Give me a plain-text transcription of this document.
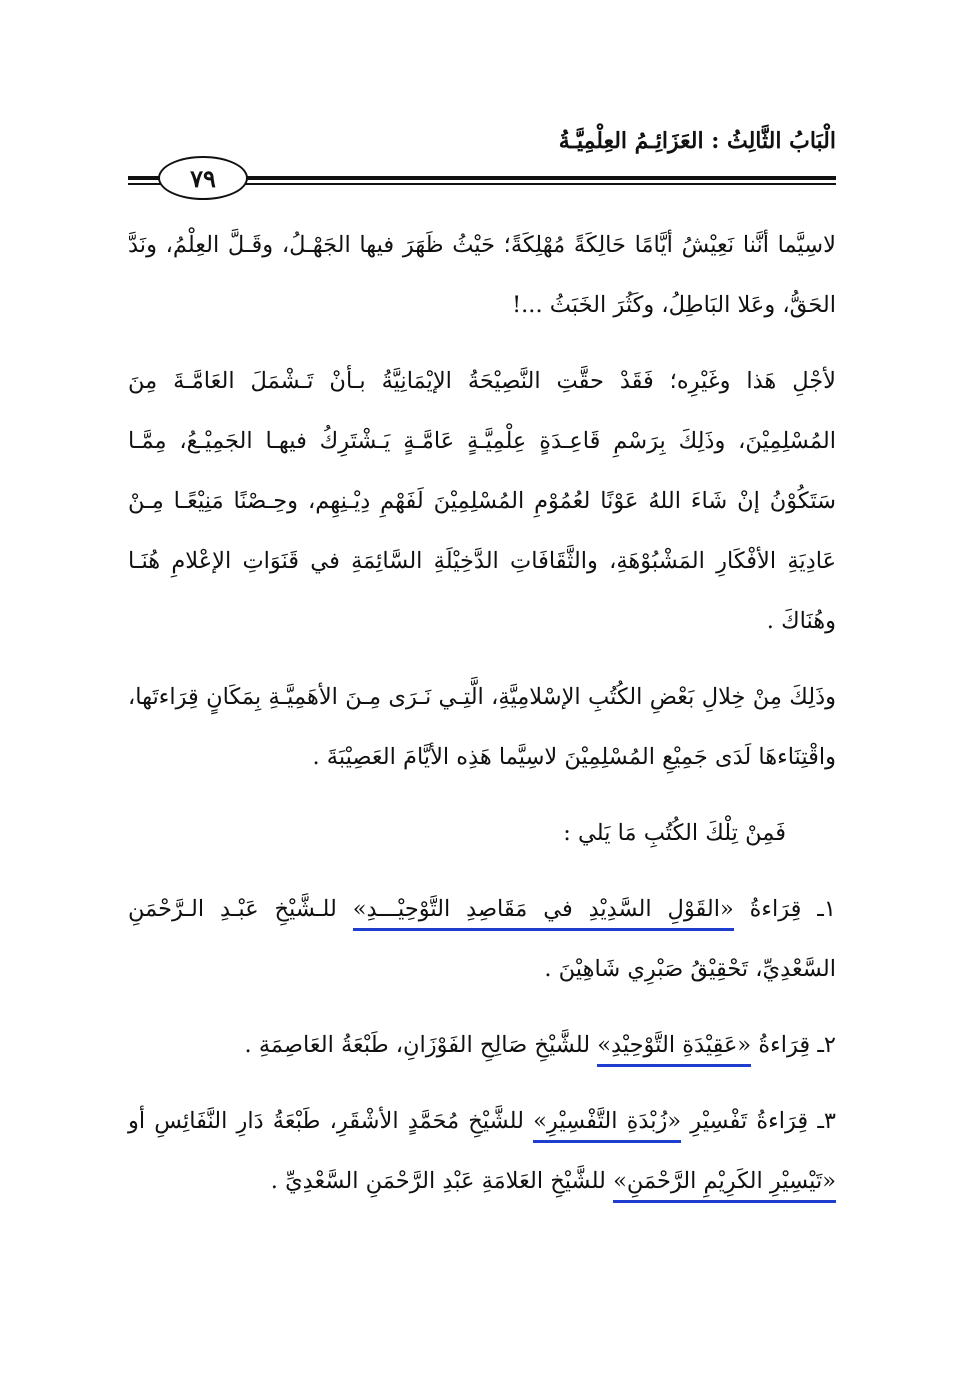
الْبَابُ الثَّالِثُ : العَزَائِـمُ العِلْمِيَّـةُ
٧٩

لاسِيَّما أنَّنا نَعِيْشُ أيَّامًا حَالِكَةً مُهْلِكَةً؛ حَيْثُ ظَهَرَ فيها الجَهْـلُ، وقَـلَّ العِلْمُ، ونَدَّ الحَقُّ، وعَلا البَاطِلُ، وكَثُرَ الخَبَثُ ...!

لأجْلِ هَذا وغَيْرِه؛ فَقَدْ حقَّتِ النَّصِيْحَةُ الإيْمَانِيَّةُ بـأنْ تَـشْمَلَ العَامَّـةَ مِنَ المُسْلِمِيْنَ، وذَلِكَ بِرَسْمِ قَاعِـدَةٍ عِلْمِيَّـةٍ عَامَّـةٍ يَـشْتَرِكُ فيهـا الجَمِيْـعُ، مِمَّـا سَتَكُوْنُ إنْ شَاءَ اللهُ عَوْنًا لعُمُوْمِ المُسْلِمِيْنَ لَفَهْمِ دِيْـنِهِم، وحِـصْنًا مَنِيْعًـا مِـنْ عَادِيَةِ الأفْكَارِ المَشْبُوْهَةِ، والثَّقَافَاتِ الدَّخِيْلَةِ السَّائِمَةِ في قَنَوَاتِ الإعْلامِ هُنَـا وهُنَاكَ .

وذَلِكَ مِنْ خِلالِ بَعْضِ الكُتُبِ الإسْلامِيَّةِ، الَّتِـي نَـرَى مِـنَ الأهَمِيَّـةِ بِمَكَانٍ قِرَاءتَها، واقْتِنَاءهَا لَدَى جَمِيْعِ المُسْلِمِيْنَ لاسِيَّما هَذِه الأيَّامَ العَصِيْبَةَ .

فَمِنْ تِلْكَ الكُتُبِ مَا يَلي :

١ـ قِرَاءةُ «القَوْلِ السَّدِيْدِ في مَقَاصِدِ التَّوْحِيْـــدِ» للـشَّيْخِ عَبْـدِ الـرَّحْمَنِ السَّعْدِيِّ، تَحْقِيْقُ صَبْرِي شَاهِيْنَ .

٢ـ قِرَاءةُ «عَقِيْدَةِ التَّوْحِيْدِ» للشَّيْخِ صَالِحِ الفَوْزَانِ، طَبْعَةُ العَاصِمَةِ .

٣ـ قِرَاءةُ تَفْسِيْرِ «زُبْدَةِ التَّفْسِيْرِ» للشَّيْخِ مُحَمَّدٍ الأشْقَرِ، طَبْعَةُ دَارِ النَّفَائِسِ أو «تَيْسِيْرِ الكَرِيْمِ الرَّحْمَنِ» للشَّيْخِ العَلامَةِ عَبْدِ الرَّحْمَنِ السَّعْدِيِّ .
